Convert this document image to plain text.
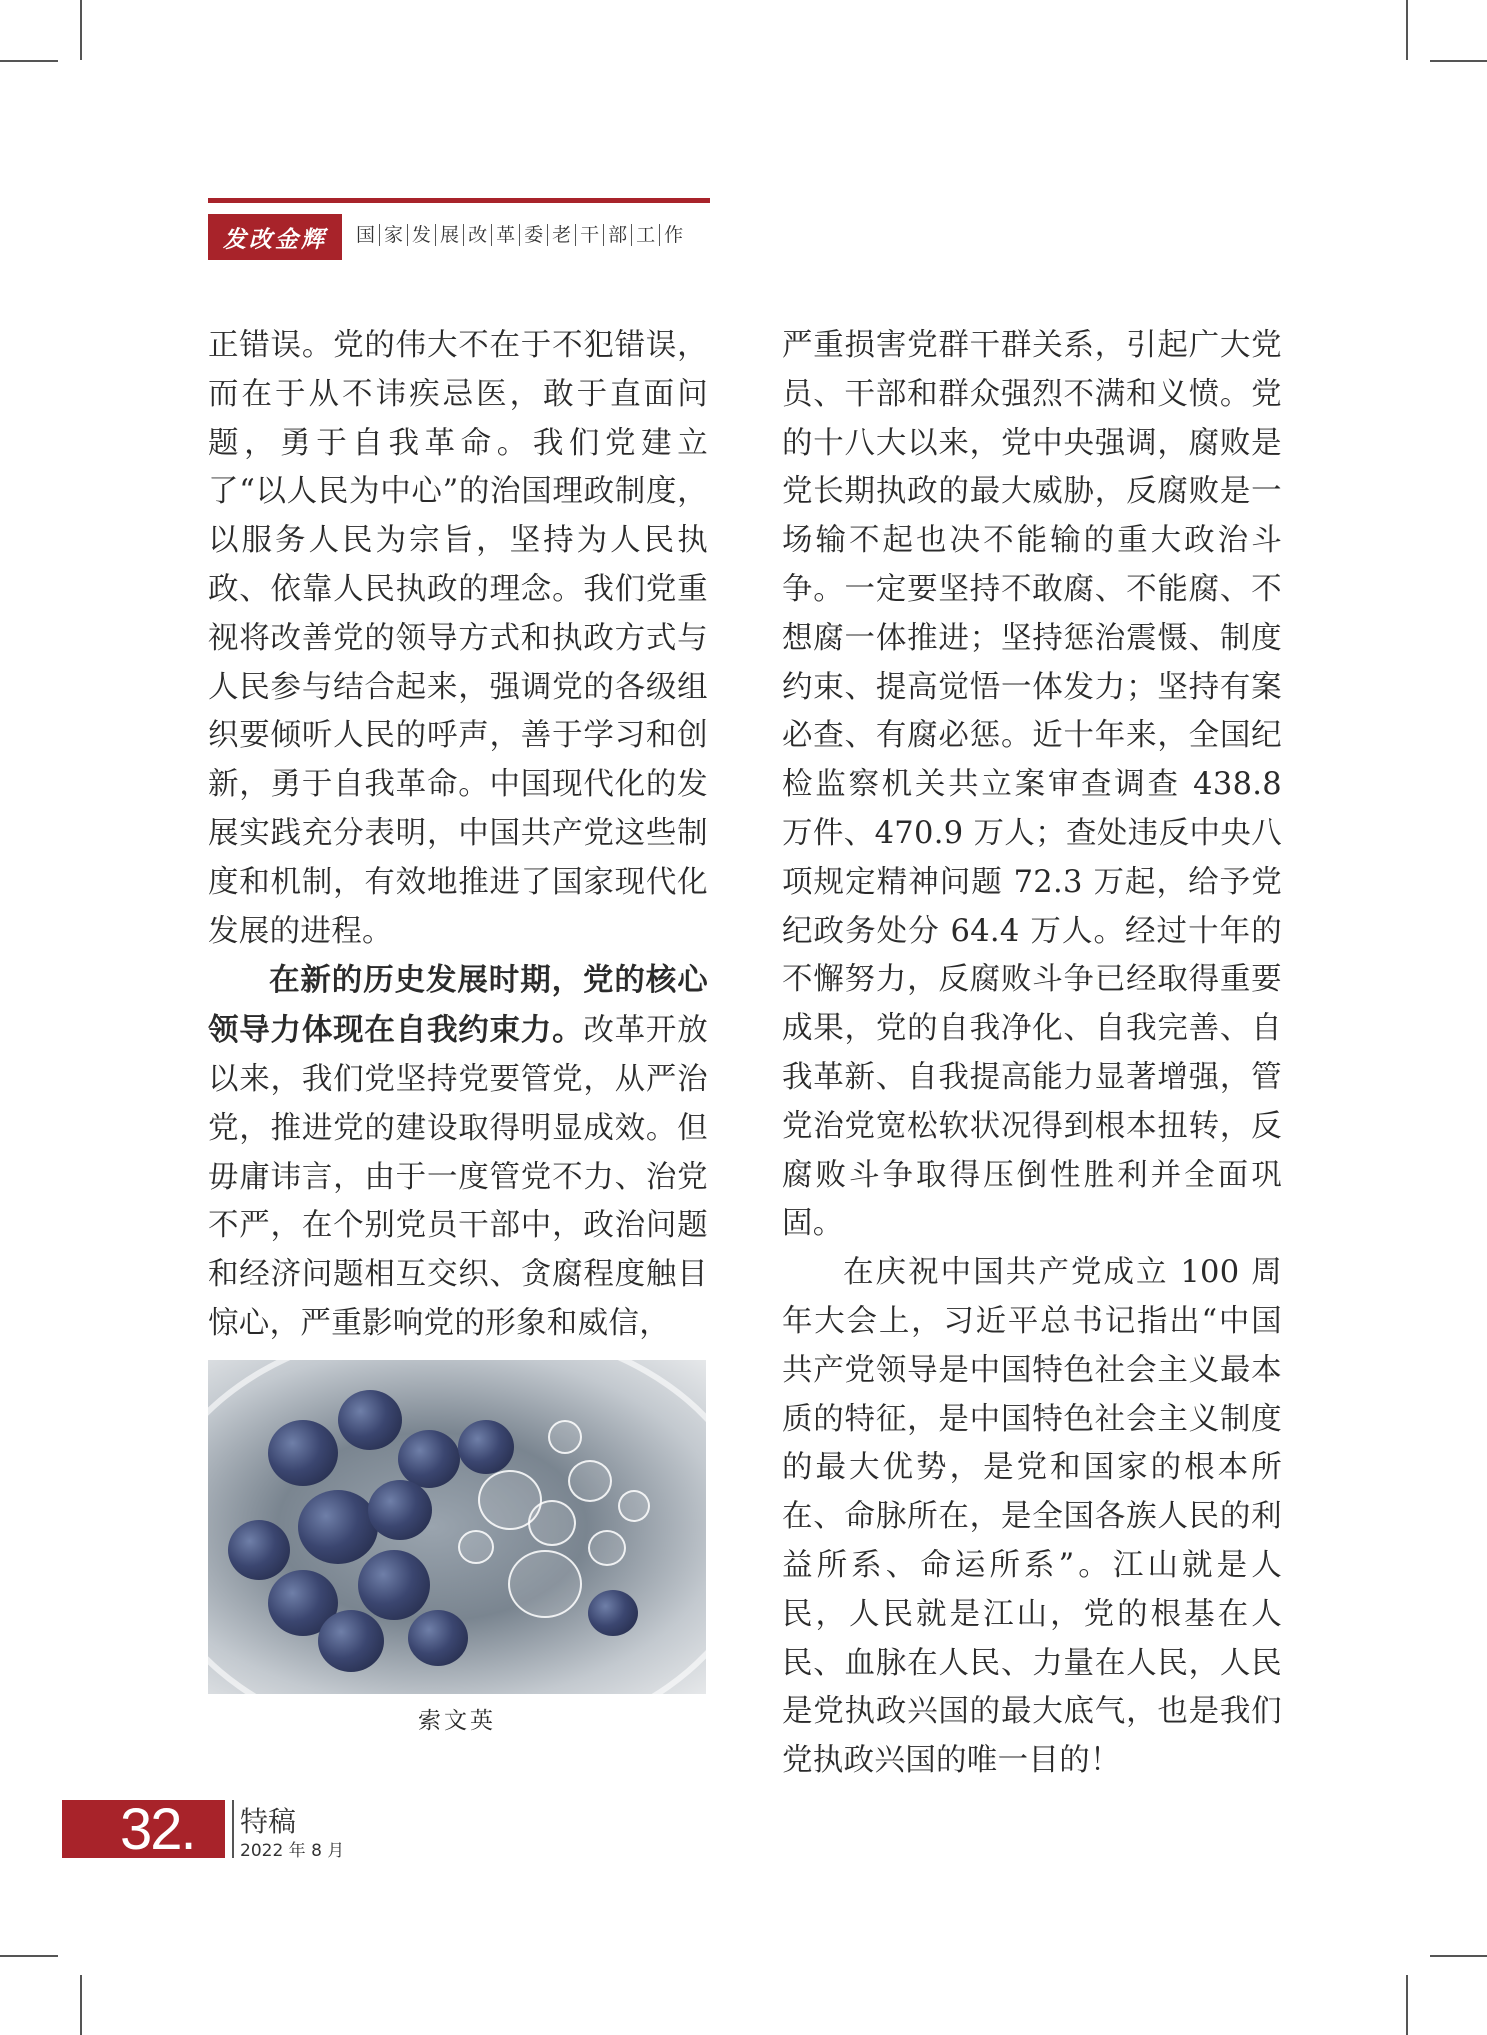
发改金辉	国 家 发 展 改 革 委 老 干 部 工 作

正错误。党的伟大不在于不犯错误，而在于从不讳疾忌医，敢于直面问题，勇于自我革命。我们党建立了“以人民为中心”的治国理政制度，以服务人民为宗旨，坚持为人民执政、依靠人民执政的理念。我们党重视将改善党的领导方式和执政方式与人民参与结合起来，强调党的各级组织要倾听人民的呼声，善于学习和创新，勇于自我革命。中国现代化的发展实践充分表明，中国共产党这些制度和机制，有效地推进了国家现代化发展的进程。

在新的历史发展时期，党的核心领导力体现在自我约束力。改革开放以来，我们党坚持党要管党，从严治党，推进党的建设取得明显成效。但毋庸讳言，由于一度管党不力、治党不严，在个别党员干部中，政治问题和经济问题相互交织、贪腐程度触目惊心，严重影响党的形象和威信，

索文英

严重损害党群干群关系，引起广大党员、干部和群众强烈不满和义愤。党的十八大以来，党中央强调，腐败是党长期执政的最大威胁，反腐败是一场输不起也决不能输的重大政治斗争。一定要坚持不敢腐、不能腐、不想腐一体推进；坚持惩治震慑、制度约束、提高觉悟一体发力；坚持有案必查、有腐必惩。近十年来，全国纪检监察机关共立案审查调查 438.8 万件、470.9 万人；查处违反中央八项规定精神问题 72.3 万起，给予党纪政务处分 64.4 万人。经过十年的不懈努力，反腐败斗争已经取得重要成果，党的自我净化、自我完善、自我革新、自我提高能力显著增强，管党治党宽松软状况得到根本扭转，反腐败斗争取得压倒性胜利并全面巩固。

在庆祝中国共产党成立 100 周年大会上，习近平总书记指出“中国共产党领导是中国特色社会主义最本质的特征，是中国特色社会主义制度的最大优势，是党和国家的根本所在、命脉所在，是全国各族人民的利益所系、命运所系”。江山就是人民，人民就是江山，党的根基在人民、血脉在人民、力量在人民，人民是党执政兴国的最大底气，也是我们党执政兴国的唯一目的！

32. 特稿
2022 年 8 月
